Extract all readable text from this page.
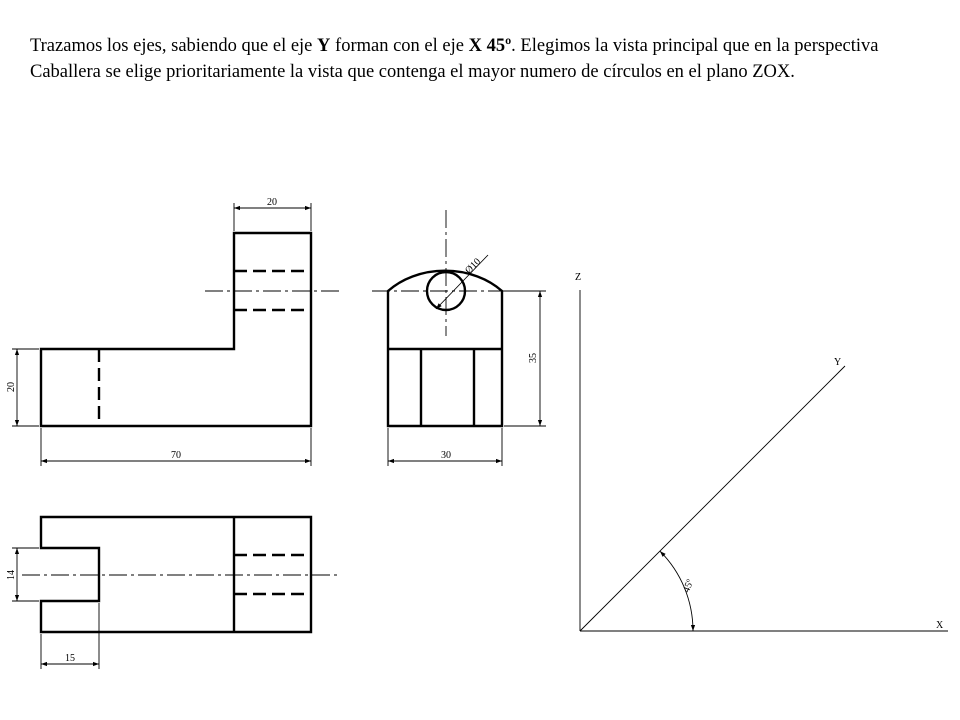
Trazamos los ejes, sabiendo que el eje Y forman con el eje X 45º. Elegimos la vista principal que en la perspectiva Caballera se elige prioritariamente la vista que contenga el mayor numero de círculos en el plano ZOX.

20
20
70
Ø10
35
30
14
15
Z
Y
X
45º
